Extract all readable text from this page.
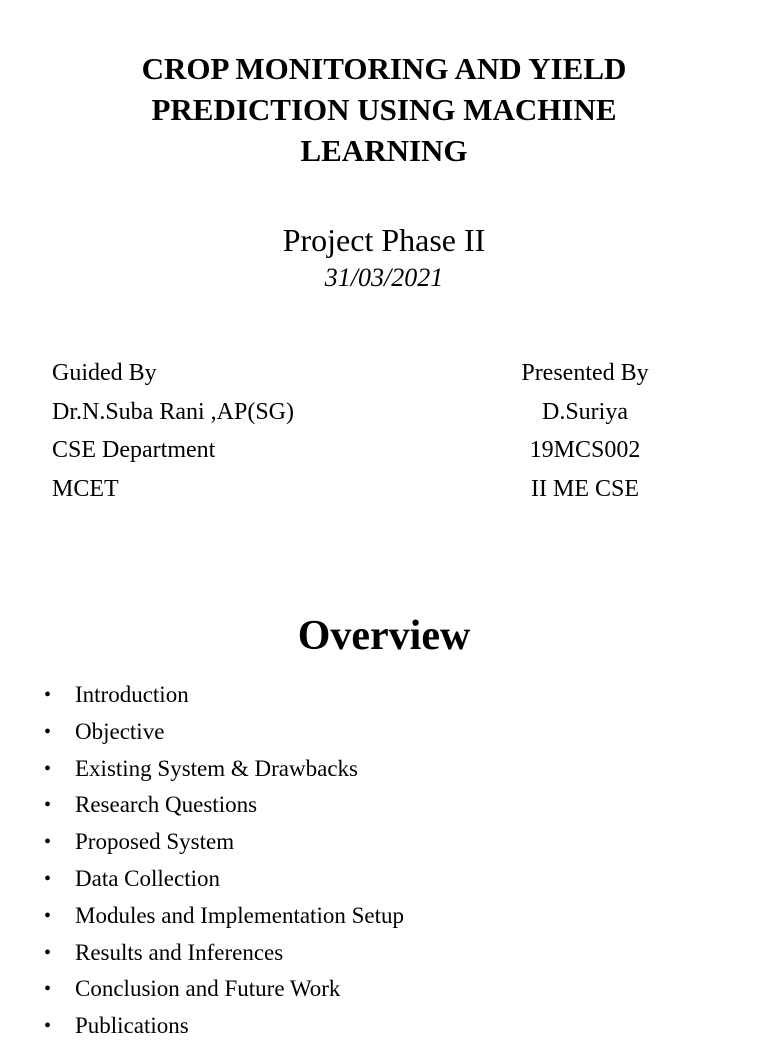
CROP MONITORING AND YIELD
PREDICTION USING MACHINE
LEARNING

Project Phase II

31/03/2021

Guided By
Dr.N.Suba Rani ,AP(SG)
CSE Department
MCET
Presented By
D.Suriya
19MCS002
II ME CSE
Overview
• Introduction
• Objective
• Existing System & Drawbacks
• Research Questions
• Proposed System
• Data Collection
• Modules and Implementation Setup
• Results and Inferences
• Conclusion and Future Work
• Publications
